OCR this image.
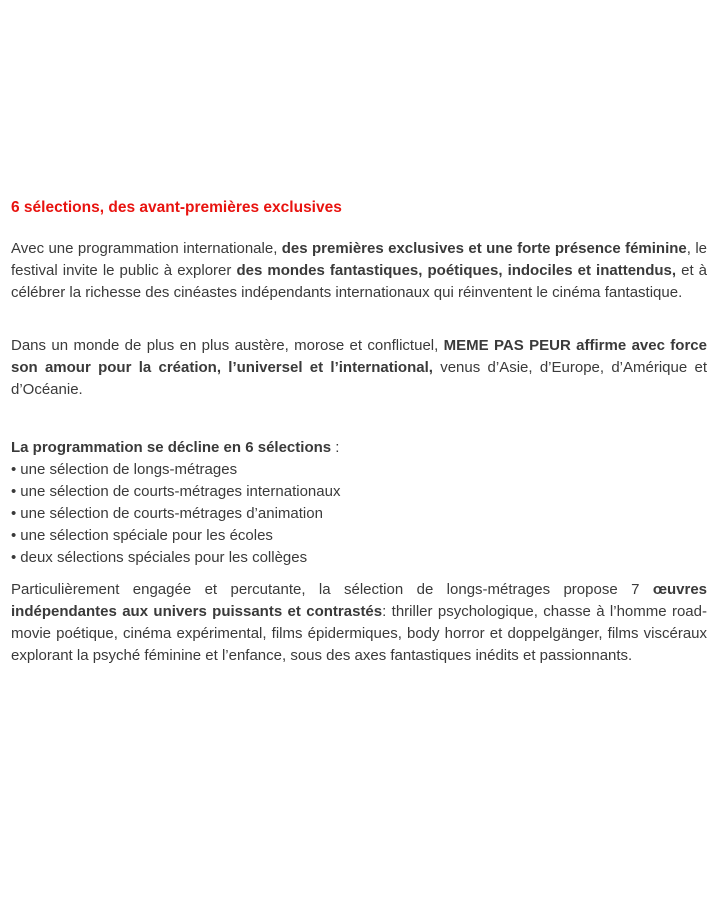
6 sélections, des avant-premières exclusives

Avec une programmation internationale, des premières exclusives et une forte présence féminine, le festival invite le public à explorer des mondes fantastiques, poétiques, indociles et inattendus, et à célébrer la richesse des cinéastes indépendants internationaux qui réinventent le cinéma fantastique.

Dans un monde de plus en plus austère, morose et conflictuel, MEME PAS PEUR affirme avec force son amour pour la création, l’universel et l’international, venus d’Asie, d’Europe, d’Amérique et d’Océanie.

La programmation se décline en 6 sélections :
• une sélection de longs-métrages
• une sélection de courts-métrages internationaux
• une sélection de courts-métrages d’animation
• une sélection spéciale pour les écoles
• deux sélections spéciales pour les collèges

Particulièrement engagée et percutante, la sélection de longs-métrages propose 7 œuvres indépendantes aux univers puissants et contrastés: thriller psychologique, chasse à l’homme road-movie poétique, cinéma expérimental, films épidermiques, body horror et doppelgänger, films viscéraux explorant la psyché féminine et l’enfance, sous des axes fantastiques inédits et passionnants.
